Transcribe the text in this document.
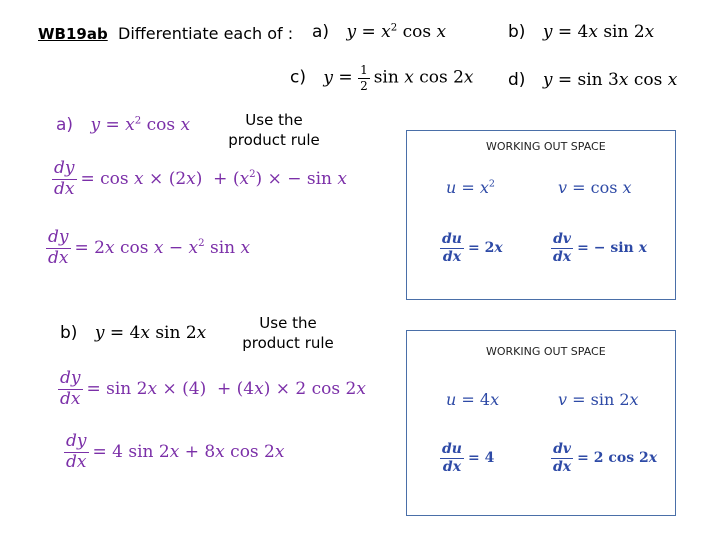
WB19ab Differentiate each of : a) $y = x^2$ cos x	b) y = 4x sin 2x
c) $y = \frac{1}{2}$ sin x cos 2x d) y = sin 3x cos x
a) $y = x^2$ cos x	Use the
product rule
$\frac{dy}{dx} = \cos x \times (2x) + (x^2)$ × − sin x
$\frac{dy}{dx} = 2x$ $\cos x - x^2$ sin x
WORKING OUT SPACE
$u = x^2$	v = cos x
$\frac{du}{dx} = 2x$	$\frac{dv}{dx}$ = − sin x
b) y = 4x sin 2x	Use the
product rule
$\frac{dy}{dx} = \sin 2x \times (4) + (4x) \times 2$ cos 2x
$\frac{dy}{dx} = 4$ sin 2x + 8x cos 2x
WORKING OUT SPACE
u = 4x	v = sin 2x
$\frac{du}{dx} = 4$	$\frac{dv}{dx} = 2$ cos 2x
